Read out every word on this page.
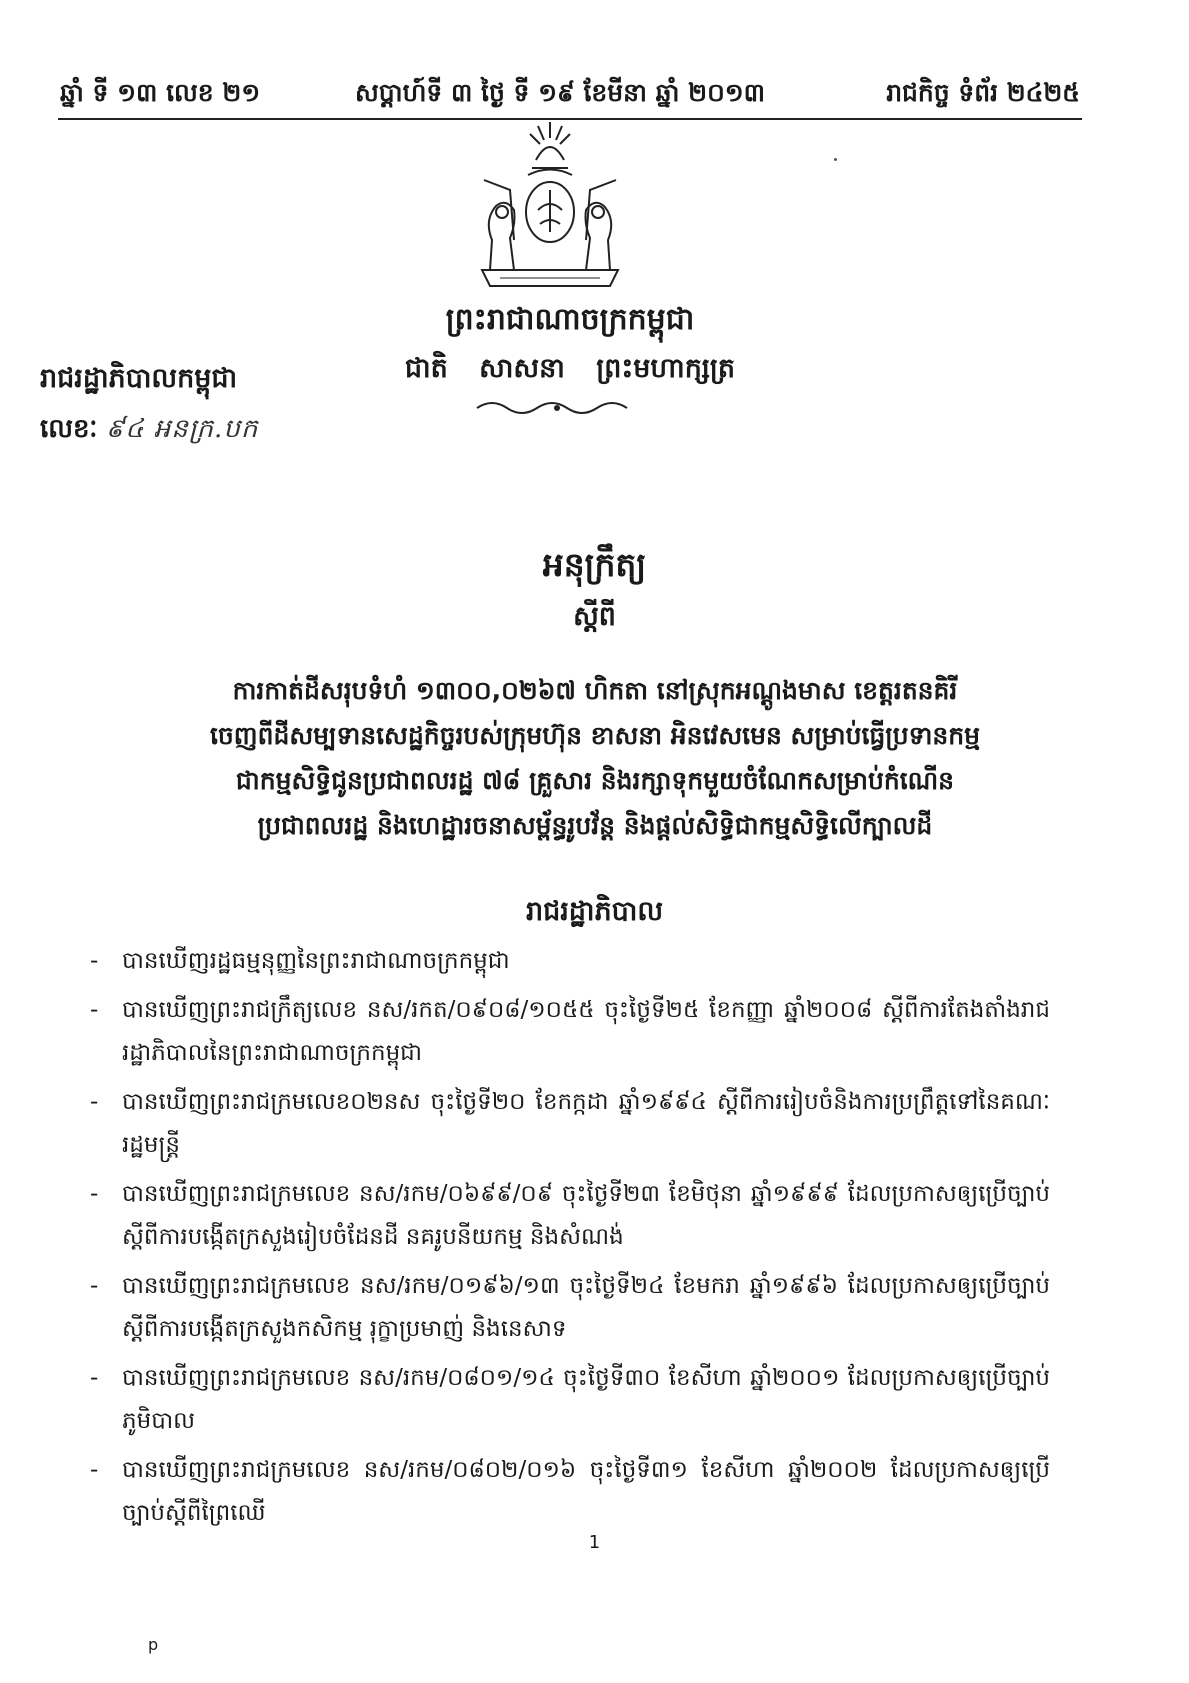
ឆ្នាំ ទី ១៣ លេខ ២១	សប្តាហ៍ទី ៣ ថ្ងៃ ទី ១៩ ខែមីនា ឆ្នាំ ២០១៣	រាជកិច្ច ទំព័រ ២៤២៥
ព្រះរាជាណាចក្រកម្ពុជា
ជាតិ សាសនា ព្រះមហាក្សត្រ
រាជរដ្ឋាភិបាលកម្ពុជា
លេខៈ ៩៤ អនក្រ.បក
អនុក្រឹត្យ
ស្តីពី
ការកាត់ដីសរុបទំហំ ១៣០០,០២៦៧ ហិកតា នៅស្រុកអណ្តូងមាស ខេត្តរតនគិរី
ចេញពីដីសម្បទានសេដ្ឋកិច្ចរបស់ក្រុមហ៊ុន ខាសនា អិនវេសមេន សម្រាប់ធ្វើប្រទានកម្ម
ជាកម្មសិទ្ធិជូនប្រជាពលរដ្ឋ ៧៨ គ្រួសារ និងរក្សាទុកមួយចំណែកសម្រាប់កំណើន
ប្រជាពលរដ្ឋ និងហេដ្ឋារចនាសម្ព័ន្ធរូបវ័ន្ត និងផ្តល់សិទ្ធិជាកម្មសិទ្ធិលើក្បាលដី
រាជរដ្ឋាភិបាល
- បានឃើញរដ្ឋធម្មនុញ្ញនៃព្រះរាជាណាចក្រកម្ពុជា
- បានឃើញព្រះរាជក្រឹត្យលេខ នស/រកត/០៩០៨/១០៥៥ ចុះថ្ងៃទី២៥ ខែកញ្ញា ឆ្នាំ២០០៨ ស្តីពីការតែងតាំងរាជរដ្ឋាភិបាលនៃព្រះរាជាណាចក្រកម្ពុជា
- បានឃើញព្រះរាជក្រមលេខ០២នស ចុះថ្ងៃទី២០ ខែកក្កដា ឆ្នាំ១៩៩៤ ស្តីពីការរៀបចំនិងការប្រព្រឹត្តទៅនៃគណៈរដ្ឋមន្ត្រី
- បានឃើញព្រះរាជក្រមលេខ នស/រកម/០៦៩៩/០៩ ចុះថ្ងៃទី២៣ ខែមិថុនា ឆ្នាំ១៩៩៩ ដែលប្រកាសឲ្យប្រើច្បាប់ស្តីពីការបង្កើតក្រសួងរៀបចំដែនដី នគរូបនីយកម្ម និងសំណង់
- បានឃើញព្រះរាជក្រមលេខ នស/រកម/០១៩៦/១៣ ចុះថ្ងៃទី២៤ ខែមករា ឆ្នាំ១៩៩៦ ដែលប្រកាសឲ្យប្រើច្បាប់ ស្តីពីការបង្កើតក្រសួងកសិកម្ម រុក្ខាប្រមាញ់ និងនេសាទ
- បានឃើញព្រះរាជក្រមលេខ នស/រកម/០៨០១/១៤ ចុះថ្ងៃទី៣០ ខែសីហា ឆ្នាំ២០០១ ដែលប្រកាសឲ្យប្រើច្បាប់ភូមិបាល
- បានឃើញព្រះរាជក្រមលេខ នស/រកម/០៨០២/០១៦ ចុះថ្ងៃទី៣១ ខែសីហា ឆ្នាំ២០០២ ដែលប្រកាសឲ្យប្រើច្បាប់ស្តីពីព្រៃឈើ
1
p
